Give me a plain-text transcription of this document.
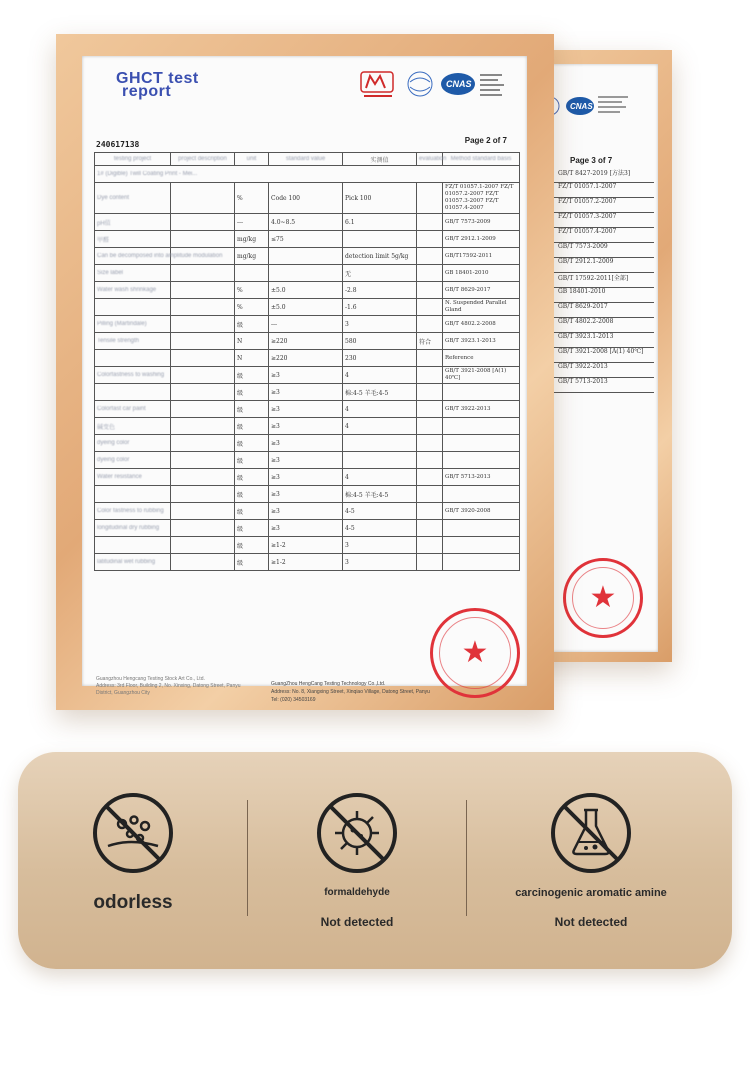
CNAS
Page 3 of 7
GB/T 8427-2019 [方法3]
FZ/T 01057.1-2007
FZ/T 01057.2-2007
FZ/T 01057.3-2007
FZ/T 01057.4-2007
GB/T 7573-2009
GB/T 2912.1-2009
GB/T 17592-2011[全部]
GB 18401-2010
GB/T 8629-2017
GB/T 4802.2-2008
GB/T 3923.1-2013
GB/T 3921-2008 [A(1) 40℃]
GB/T 3922-2013
GB/T 5713-2013
★
GHCT test
report	CNAS
240617138	Page 2 of 7
testing project	project description	unit	standard value	实测值	evaluation	Method standard basis
1# (Digible) Twill Coating Print - Mei...						
Dye content		%	Code 100	Pick 100		FZ/T 01057.1-2007 FZ/T 01057.2-2007 FZ/T 01057.3-2007 FZ/T 01057.4-2007
pH值		---	4.0~8.5	6.1		GB/T 7573-2009
甲醛		mg/kg	≤75			GB/T 2912.1-2009
Can be decomposed into amplitude modulation		mg/kg		detection limit 5g/kg		GB/T17592-2011
Size label				无		GB 18401-2010
Water wash shrinkage		%	±5.0	-2.8		GB/T 8629-2017
		%	±5.0	-1.6		N. Suspended Parallel Gland
Pilling (Martindale)		级	---	3		GB/T 4802.2-2008
Tensile strength		N	≥220	580	符合	GB/T 3923.1-2013
		N	≥220	230		Reference
Colorfastness to washing		级	≥3	4		GB/T 3921-2008 [A(1) 40℃]
		级	≥3	棉:4-5 羊毛:4-5		
Colorfast car paint		级	≥3	4		GB/T 3922-2013
碱变色		级	≥3	4		
dyeing color		级	≥3			
dyeing color		级	≥3			
Water resistance		级	≥3	4		GB/T 5713-2013
		级	≥3	棉:4-5 羊毛:4-5		
Color fastness to rubbing		级	≥3	4-5		GB/T 3920-2008
longitudinal dry rubbing		级	≥3	4-5		
		级	≥1-2	3		
latitudinal wet rubbing		级	≥1-2	3		
Guangzhou Hengcang Testing Stock Art Co., Ltd.
Address: 3rd Floor, Building 2, No. Xinxing, Datong Street, Panyu District, Guangzhou City
GuangZhou HengCang Testing Technology Co.,Ltd.
Address: No. 8, Xiangxing Street, Xinqiao Village, Datong Street, Panyu
Tel: (020) 34503169
★
odorless	formaldehyde
Not detected
carcinogenic aromatic amine
Not detected
